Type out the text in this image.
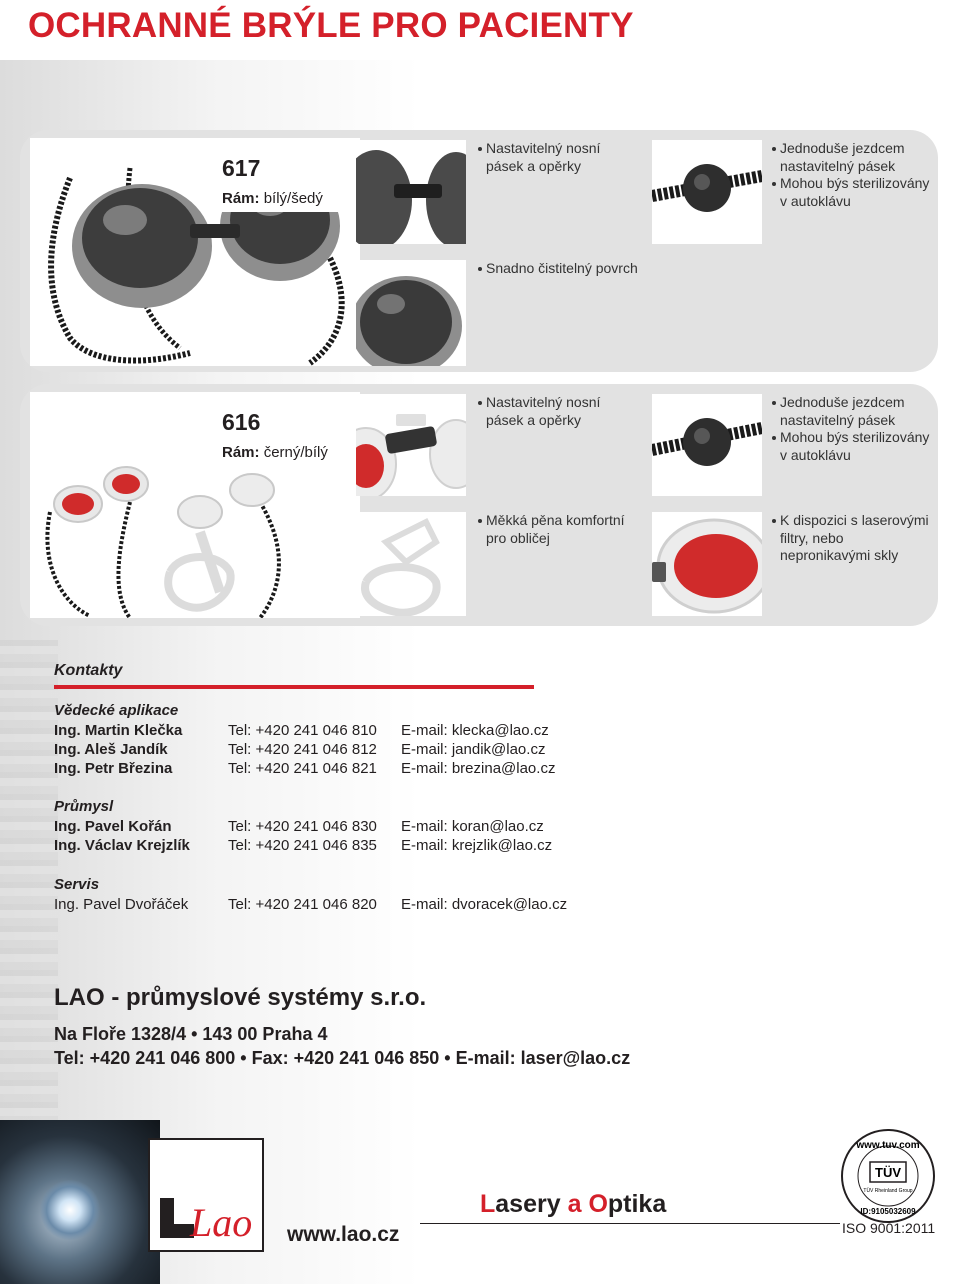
OCHRANNÉ BRÝLE PRO PACIENTY
617
Rám: bílý/šedý

Nastavitelný nosní

pásek a opěrky

Jednoduše jezdcem

nastavitelný pásek

Mohou býs sterilizovány

v autoklávu

Snadno čistitelný povrch

616
Rám: černý/bílý

Nastavitelný nosní

pásek a opěrky

Jednoduše jezdcem

nastavitelný pásek

Mohou býs sterilizovány

v autoklávu

Měkká pěna komfortní

pro obličej

K dispozici s laserovými

filtry, nebo

nepronikavými skly

Kontakty
Vědecké aplikace
Ing. Martin Klečka	Tel: +420 241 046 810 E-mail: klecka@lao.cz
Ing. Aleš Jandík	Tel: +420 241 046 812 E-mail: jandik@lao.cz
Ing. Petr Březina	Tel: +420 241 046 821 E-mail: brezina@lao.cz
Průmysl
Ing. Pavel Kořán	Tel: +420 241 046 830 E-mail: koran@lao.cz
Ing. Václav Krejzlík	Tel: +420 241 046 835 E-mail: krejzlik@lao.cz
Servis
Ing. Pavel Dvořáček	Tel: +420 241 046 820 E-mail: dvoracek@lao.cz
LAO - průmyslové systémy s.r.o.
Na Floře 1328/4 • 143 00 Praha 4
Tel: +420 241 046 800 • Fax: +420 241 046 850 • E-mail: laser@lao.cz
Lao www.lao.cz
Lasery a Optika
www.tuv.com
TÜV
TÜV Rheinland Group
ID:9105032609
ISO 9001:2011
